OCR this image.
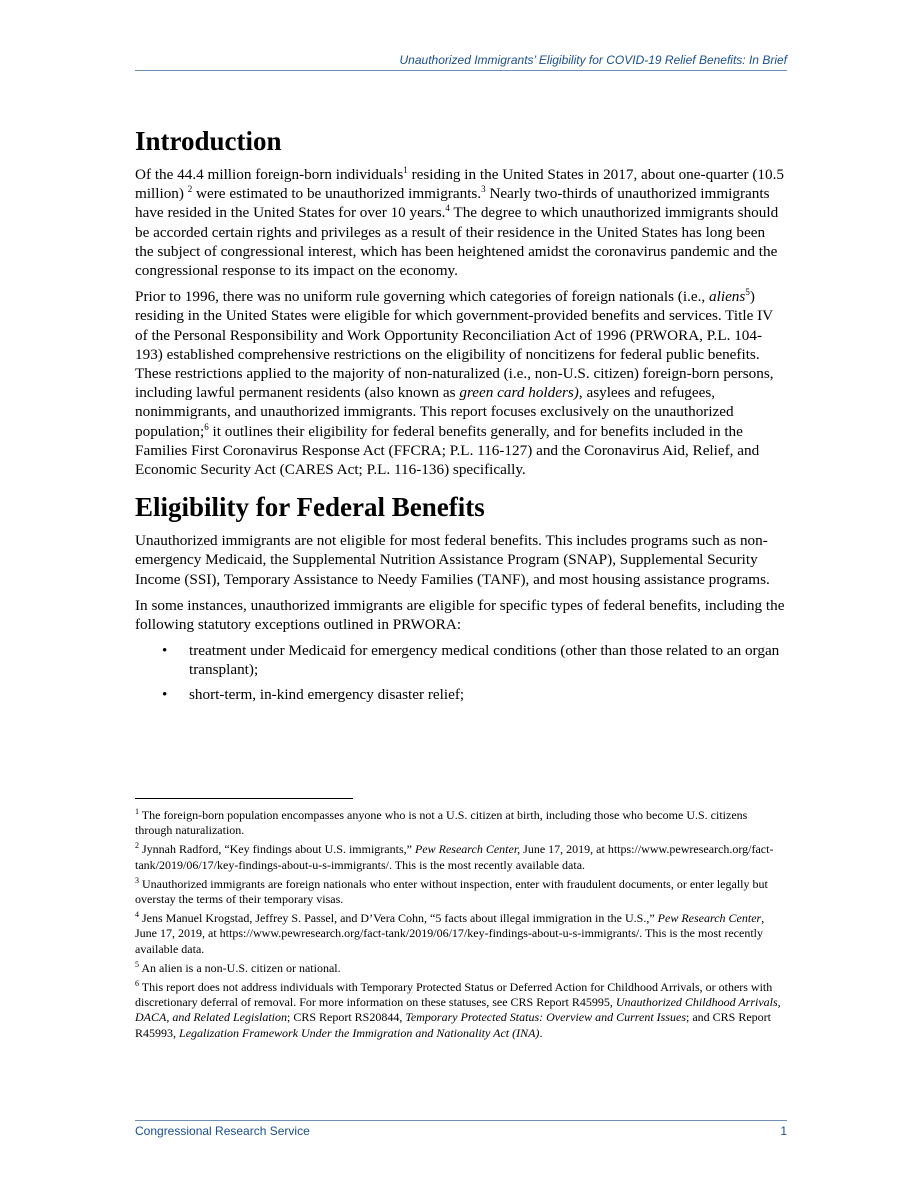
Unauthorized Immigrants’ Eligibility for COVID-19 Relief Benefits: In Brief
Introduction

Of the 44.4 million foreign-born individuals$^1$ residing in the United States in 2017, about one-quarter (10.5 million) $^2$ were estimated to be unauthorized immigrants.$^3$ Nearly two-thirds of unauthorized immigrants have resided in the United States for over 10 years.$^4$ The degree to which unauthorized immigrants should be accorded certain rights and privileges as a result of their residence in the United States has long been the subject of congressional interest, which has been heightened amidst the coronavirus pandemic and the congressional response to its impact on the economy.

Prior to 1996, there was no uniform rule governing which categories of foreign nationals (i.e., aliens$^5$) residing in the United States were eligible for which government-provided benefits and services. Title IV of the Personal Responsibility and Work Opportunity Reconciliation Act of 1996 (PRWORA, P.L. 104-193) established comprehensive restrictions on the eligibility of noncitizens for federal public benefits. These restrictions applied to the majority of non-naturalized (i.e., non-U.S. citizen) foreign-born persons, including lawful permanent residents (also known as green card holders), asylees and refugees, nonimmigrants, and unauthorized immigrants. This report focuses exclusively on the unauthorized population;$^6$ it outlines their eligibility for federal benefits generally, and for benefits included in the Families First Coronavirus Response Act (FFCRA; P.L. 116-127) and the Coronavirus Aid, Relief, and Economic Security Act (CARES Act; P.L. 116-136) specifically.

Eligibility for Federal Benefits

Unauthorized immigrants are not eligible for most federal benefits. This includes programs such as non-emergency Medicaid, the Supplemental Nutrition Assistance Program (SNAP), Supplemental Security Income (SSI), Temporary Assistance to Needy Families (TANF), and most housing assistance programs.

In some instances, unauthorized immigrants are eligible for specific types of federal benefits, including the following statutory exceptions outlined in PRWORA:

• treatment under Medicaid for emergency medical conditions (other than those related to an organ transplant);
• short-term, in-kind emergency disaster relief;
$^1$ The foreign-born population encompasses anyone who is not a U.S. citizen at birth, including those who become U.S. citizens through naturalization.
$^2$ Jynnah Radford, “Key findings about U.S. immigrants,” Pew Research Center, June 17, 2019, at https://www.pewresearch.org/fact-tank/2019/06/17/key-findings-about-u-s-immigrants/. This is the most recently available data.
$^3$ Unauthorized immigrants are foreign nationals who enter without inspection, enter with fraudulent documents, or enter legally but overstay the terms of their temporary visas.
$^4$ Jens Manuel Krogstad, Jeffrey S. Passel, and D’Vera Cohn, “5 facts about illegal immigration in the U.S.,” Pew Research Center, June 17, 2019, at https://www.pewresearch.org/fact-tank/2019/06/17/key-findings-about-u-s-immigrants/. This is the most recently available data.
$^5$ An alien is a non-U.S. citizen or national.
$^6$ This report does not address individuals with Temporary Protected Status or Deferred Action for Childhood Arrivals, or others with discretionary deferral of removal. For more information on these statuses, see CRS Report R45995, Unauthorized Childhood Arrivals, DACA, and Related Legislation; CRS Report RS20844, Temporary Protected Status: Overview and Current Issues; and CRS Report R45993, Legalization Framework Under the Immigration and Nationality Act (INA).
Congressional Research Service	1
